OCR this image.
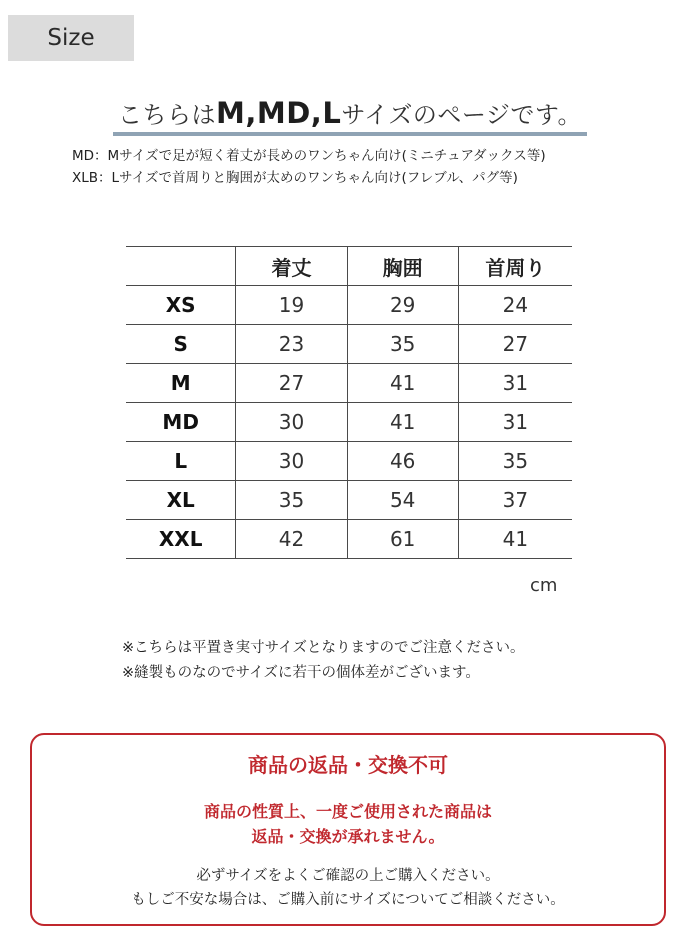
Size
こちらはM,MD,Lサイズのページです。
MD：Mサイズで足が短く着丈が長めのワンちゃん向け(ミニチュアダックス等)
XLB：Lサイズで首周りと胸囲が太めのワンちゃん向け(フレブル、パグ等)
	着丈	胸囲	首周り
XS	19	29	24
S	23	35	27
M	27	41	31
MD	30	41	31
L	30	46	35
XL	35	54	37
XXL	42	61	41
cm
※こちらは平置き実寸サイズとなりますのでご注意ください。
※縫製ものなのでサイズに若干の個体差がございます。
商品の返品・交換不可
商品の性質上、一度ご使用された商品は
返品・交換が承れません。
必ずサイズをよくご確認の上ご購入ください。
もしご不安な場合は、ご購入前にサイズについてご相談ください。
